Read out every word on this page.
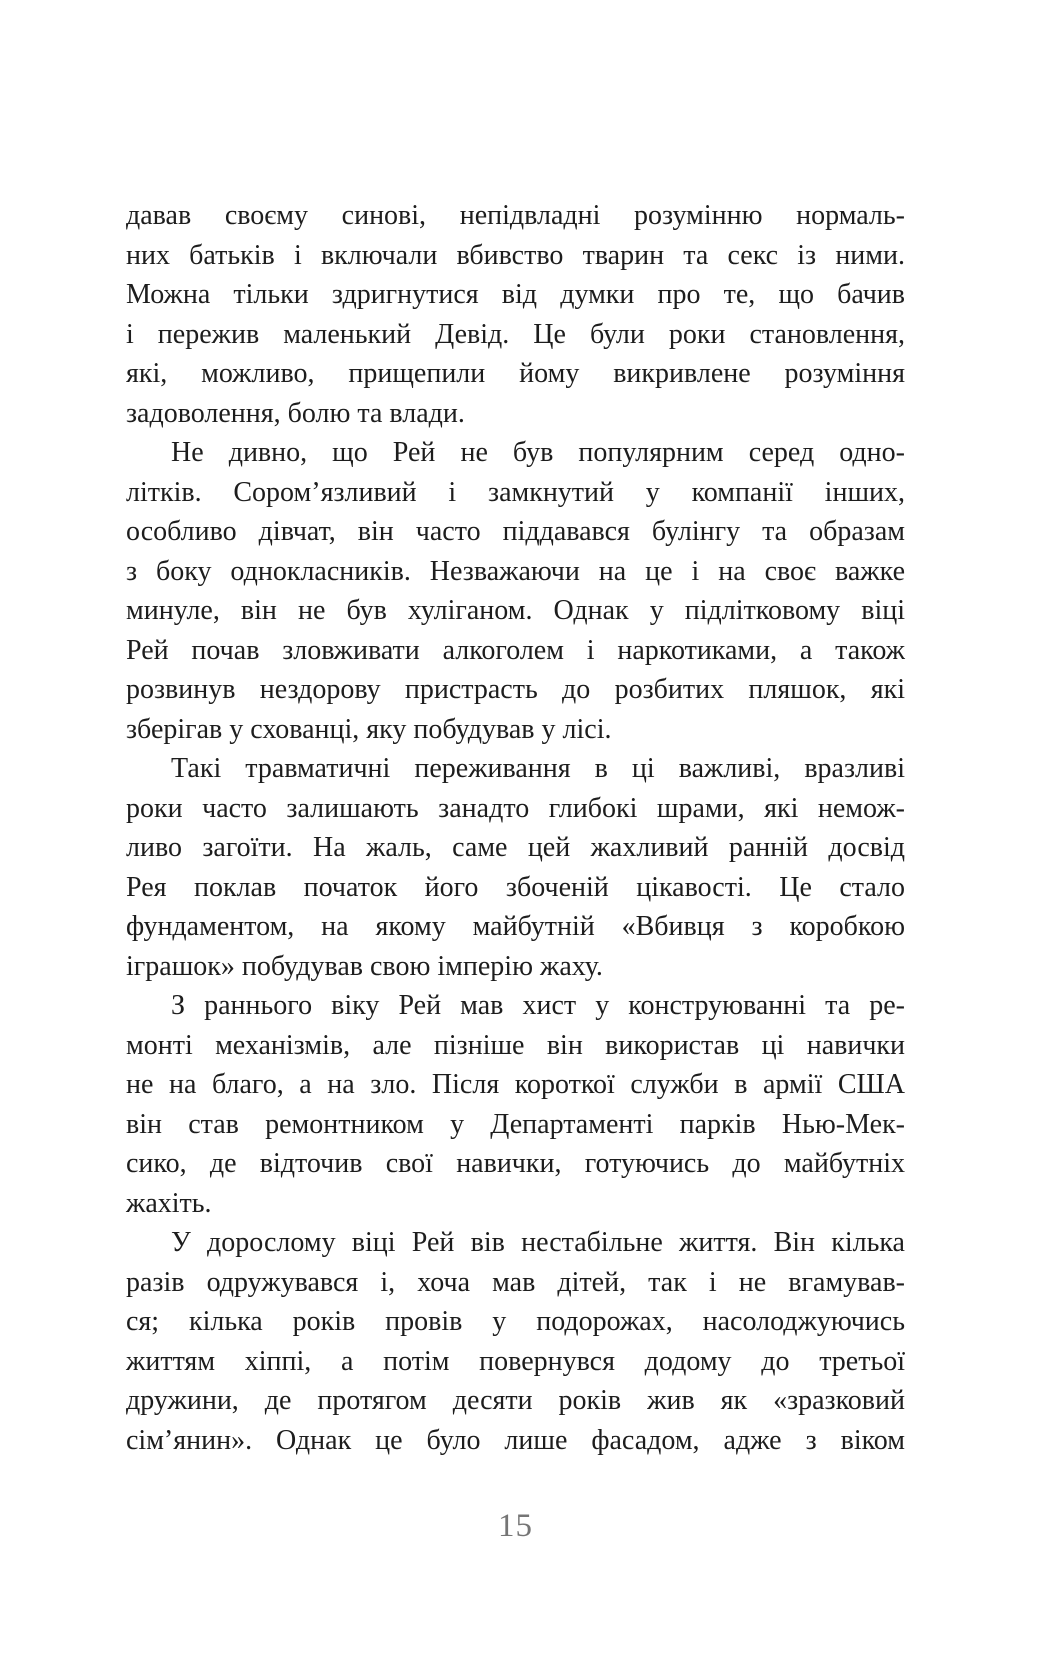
давав своєму синові, непідвладні розумінню нормаль-
них батьків і включали вбивство тварин та секс із ними.
Можна тільки здригнутися від думки про те, що бачив
і пережив маленький Девід. Це були роки становлення,
які, можливо, прищепили йому викривлене розуміння
задоволення, болю та влади.
Не дивно, що Рей не був популярним серед одно-
літків. Сором’язливий і замкнутий у компанії інших,
особливо дівчат, він часто піддавався булінгу та образам
з боку однокласників. Незважаючи на це і на своє важке
минуле, він не був хуліганом. Однак у підлітковому віці
Рей почав зловживати алкоголем і наркотиками, а також
розвинув нездорову пристрасть до розбитих пляшок, які
зберігав у схованці, яку побудував у лісі.
Такі травматичні переживання в ці важливі, вразливі
роки часто залишають занадто глибокі шрами, які немож-
ливо загоїти. На жаль, саме цей жахливий ранній досвід
Рея поклав початок його збоченій цікавості. Це стало
фундаментом, на якому майбутній «Вбивця з коробкою
іграшок» побудував свою імперію жаху.
З раннього віку Рей мав хист у конструюванні та ре-
монті механізмів, але пізніше він використав ці навички
не на благо, а на зло. Після короткої служби в армії США
він став ремонтником у Департаменті парків Нью-Мек-
сико, де відточив свої навички, готуючись до майбутніх
жахіть.
У дорослому віці Рей вів нестабільне життя. Він кілька
разів одружувався і, хоча мав дітей, так і не вгамував-
ся; кілька років провів у подорожах, насолоджуючись
життям хіппі, а потім повернувся додому до третьої
дружини, де протягом десяти років жив як «зразковий
сім’янин». Однак це було лише фасадом, адже з віком
15
